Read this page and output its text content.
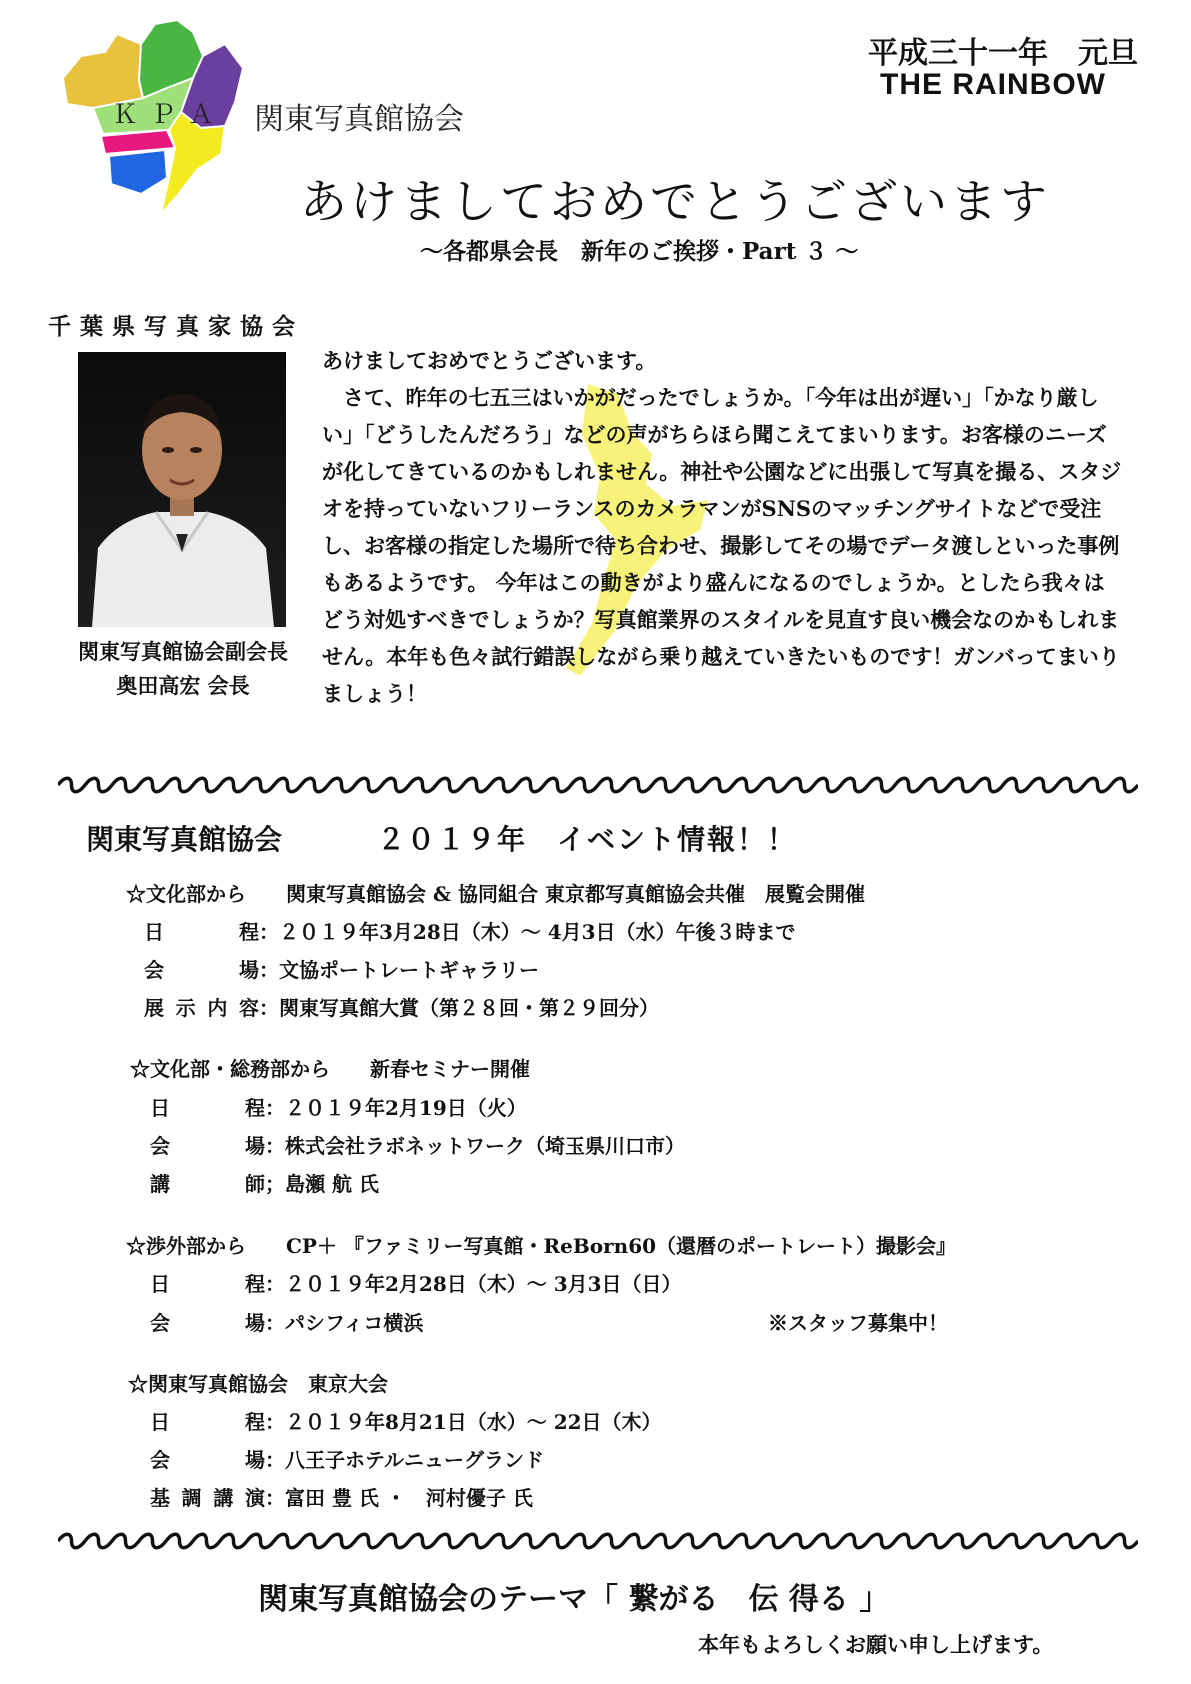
ＫＰＡ 関東写真館協会
平成三十一年　元旦
THE RAINBOW
あけましておめでとうございます
～各都県会長　新年のご挨拶・Part ３ ～
千葉県写真家協会
関東写真館協会副会長
奥田高宏 会長

あけましておめでとうございます。

さて、昨年の七五三はいかがだったでしょうか。「今年は出が遅い」「かなり厳しい」「どうしたんだろう」などの声がちらほら聞こえてまいります。お客様のニーズが化してきているのかもしれません。神社や公園などに出張して写真を撮る、スタジオを持っていないフリーランスのカメラマンがSNSのマッチングサイトなどで受注し、お客様の指定した場所で待ち合わせ、撮影してその場でデータ渡しといった事例もあるようです。 今年はこの動きがより盛んになるのでしょうか。としたら我々はどう対処すべきでしょうか？写真館業界のスタイルを見直す良い機会なのかもしれません。本年も色々試行錯誤しながら乗り越えていきたいものです！ガンバってまいりましょう！

関東写真館協会	２０１９年　イベント情報！！
☆文化部から　　関東写真館協会 & 協同組合 東京都写真館協会共催　展覧会開催
日　　程：２０１９年3月28日（木）～ 4月3日（水）午後３時まで
会　　場：文協ポートレートギャラリー
展示内容：関東写真館大賞（第２８回・第２９回分）
☆文化部・総務部から　　新春セミナー開催
日　　程：２０１９年2月19日（火）
会　　場：株式会社ラボネットワーク（埼玉県川口市）
講　　師；島瀬 航 氏
☆渉外部から　　CP＋ 『ファミリー写真館・ReBorn60（還暦のポートレート）撮影会』
日　　程：２０１９年2月28日（木）～ 3月3日（日）
会　　場：パシフィコ横浜	※スタッフ募集中！
☆関東写真館協会　東京大会
日　　程：２０１９年8月21日（水）～ 22日（木）
会　　場：八王子ホテルニューグランド
基調講演：富田 豊 氏 ・　河村優子 氏
関東写真館協会のテーマ「 繋がる　伝 得る 」
本年もよろしくお願い申し上げます。
